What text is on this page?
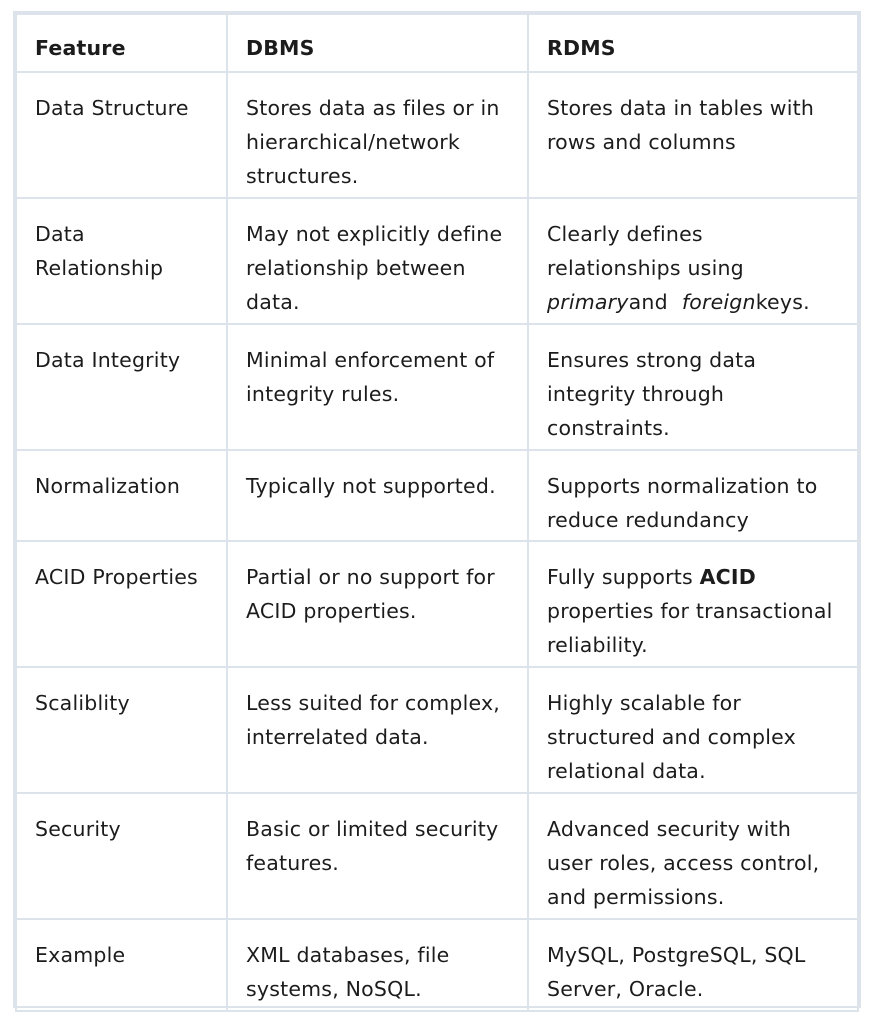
Feature	DBMS	RDMS
Data Structure	Stores data as files or in hierarchical/network structures.	Stores data in tables with rows and columns
Data Relationship	May not explicitly define relationship between data.	Clearly defines relationships using primaryand foreignkeys.
Data Integrity	Minimal enforcement of integrity rules.	Ensures strong data integrity through constraints.
Normalization	Typically not supported.	Supports normalization to reduce redundancy
ACID Properties	Partial or no support for ACID properties.	Fully supports ACID properties for transactional reliability.
Scaliblity	Less suited for complex, interrelated data.	Highly scalable for structured and complex relational data.
Security	Basic or limited security features.	Advanced security with user roles, access control, and permissions.
Example	XML databases, file systems, NoSQL.	MySQL, PostgreSQL, SQL Server, Oracle.
